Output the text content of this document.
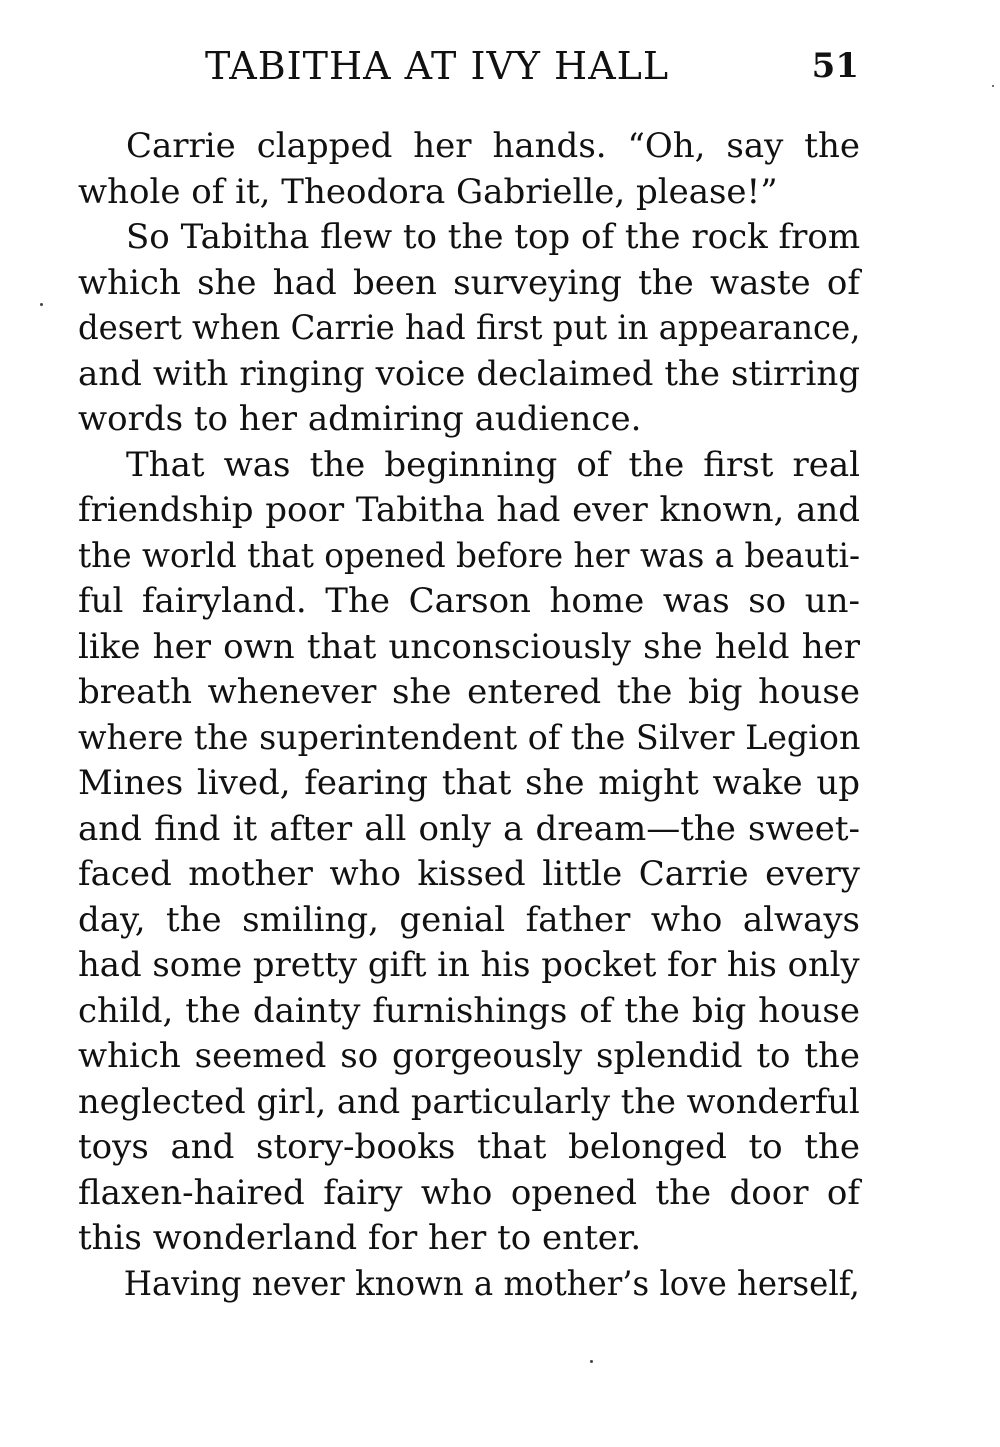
TABITHA AT IVY HALL	51
Carrie clapped her hands. “Oh, say the
whole of it, Theodora Gabrielle, please!”
So Tabitha flew to the top of the rock from
which she had been surveying the waste of
desert when Carrie had first put in appearance,
and with ringing voice declaimed the stirring
words to her admiring audience.
That was the beginning of the first real
friendship poor Tabitha had ever known, and
the world that opened before her was a beauti-
ful fairyland. The Carson home was so un-
like her own that unconsciously she held her
breath whenever she entered the big house
where the superintendent of the Silver Legion
Mines lived, fearing that she might wake up
and find it after all only a dream—the sweet-
faced mother who kissed little Carrie every
day, the smiling, genial father who always
had some pretty gift in his pocket for his only
child, the dainty furnishings of the big house
which seemed so gorgeously splendid to the
neglected girl, and particularly the wonderful
toys and story-books that belonged to the
flaxen-haired fairy who opened the door of
this wonderland for her to enter.
Having never known a mother’s love herself,
